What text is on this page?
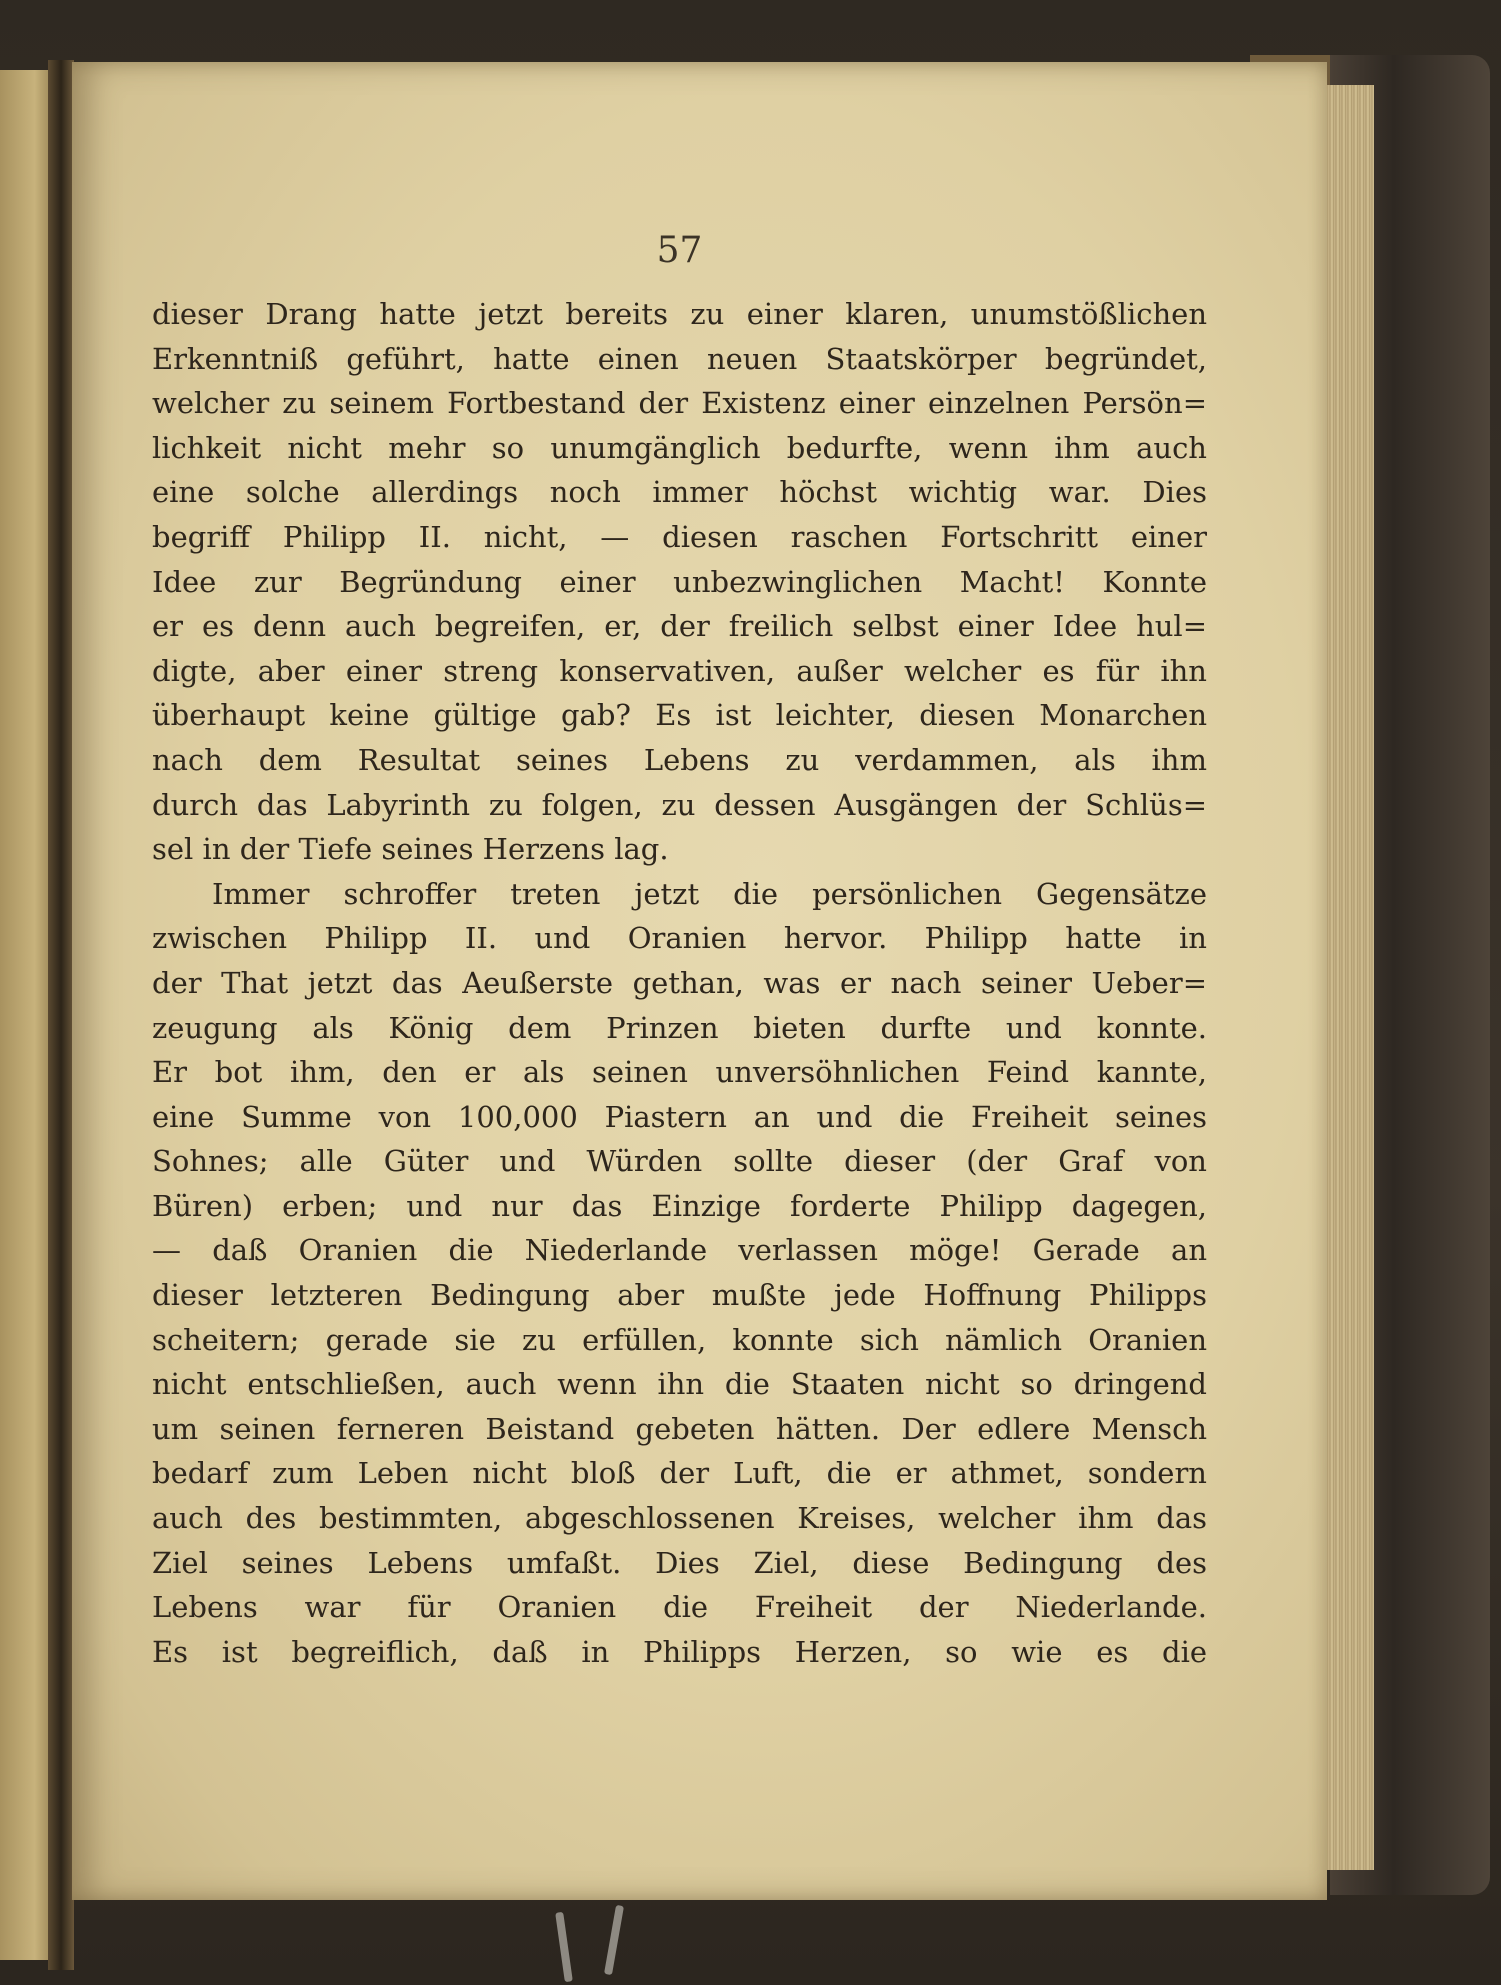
57
dieser Drang hatte jetzt bereits zu einer klaren, unumstößlichen
Erkenntniß geführt, hatte einen neuen Staatskörper begründet,
welcher zu seinem Fortbestand der Existenz einer einzelnen Persön=
lichkeit nicht mehr so unumgänglich bedurfte, wenn ihm auch
eine solche allerdings noch immer höchst wichtig war. Dies
begriff Philipp II. nicht, — diesen raschen Fortschritt einer
Idee zur Begründung einer unbezwinglichen Macht! Konnte
er es denn auch begreifen, er, der freilich selbst einer Idee hul=
digte, aber einer streng konservativen, außer welcher es für ihn
überhaupt keine gültige gab? Es ist leichter, diesen Monarchen
nach dem Resultat seines Lebens zu verdammen, als ihm
durch das Labyrinth zu folgen, zu dessen Ausgängen der Schlüs=
sel in der Tiefe seines Herzens lag.
Immer schroffer treten jetzt die persönlichen Gegensätze
zwischen Philipp II. und Oranien hervor. Philipp hatte in
der That jetzt das Aeußerste gethan, was er nach seiner Ueber=
zeugung als König dem Prinzen bieten durfte und konnte.
Er bot ihm, den er als seinen unversöhnlichen Feind kannte,
eine Summe von 100,000 Piastern an und die Freiheit seines
Sohnes; alle Güter und Würden sollte dieser (der Graf von
Büren) erben; und nur das Einzige forderte Philipp dagegen,
— daß Oranien die Niederlande verlassen möge! Gerade an
dieser letzteren Bedingung aber mußte jede Hoffnung Philipps
scheitern; gerade sie zu erfüllen, konnte sich nämlich Oranien
nicht entschließen, auch wenn ihn die Staaten nicht so dringend
um seinen ferneren Beistand gebeten hätten. Der edlere Mensch
bedarf zum Leben nicht bloß der Luft, die er athmet, sondern
auch des bestimmten, abgeschlossenen Kreises, welcher ihm das
Ziel seines Lebens umfaßt. Dies Ziel, diese Bedingung des
Lebens war für Oranien die Freiheit der Niederlande.
Es ist begreiflich, daß in Philipps Herzen, so wie es die
